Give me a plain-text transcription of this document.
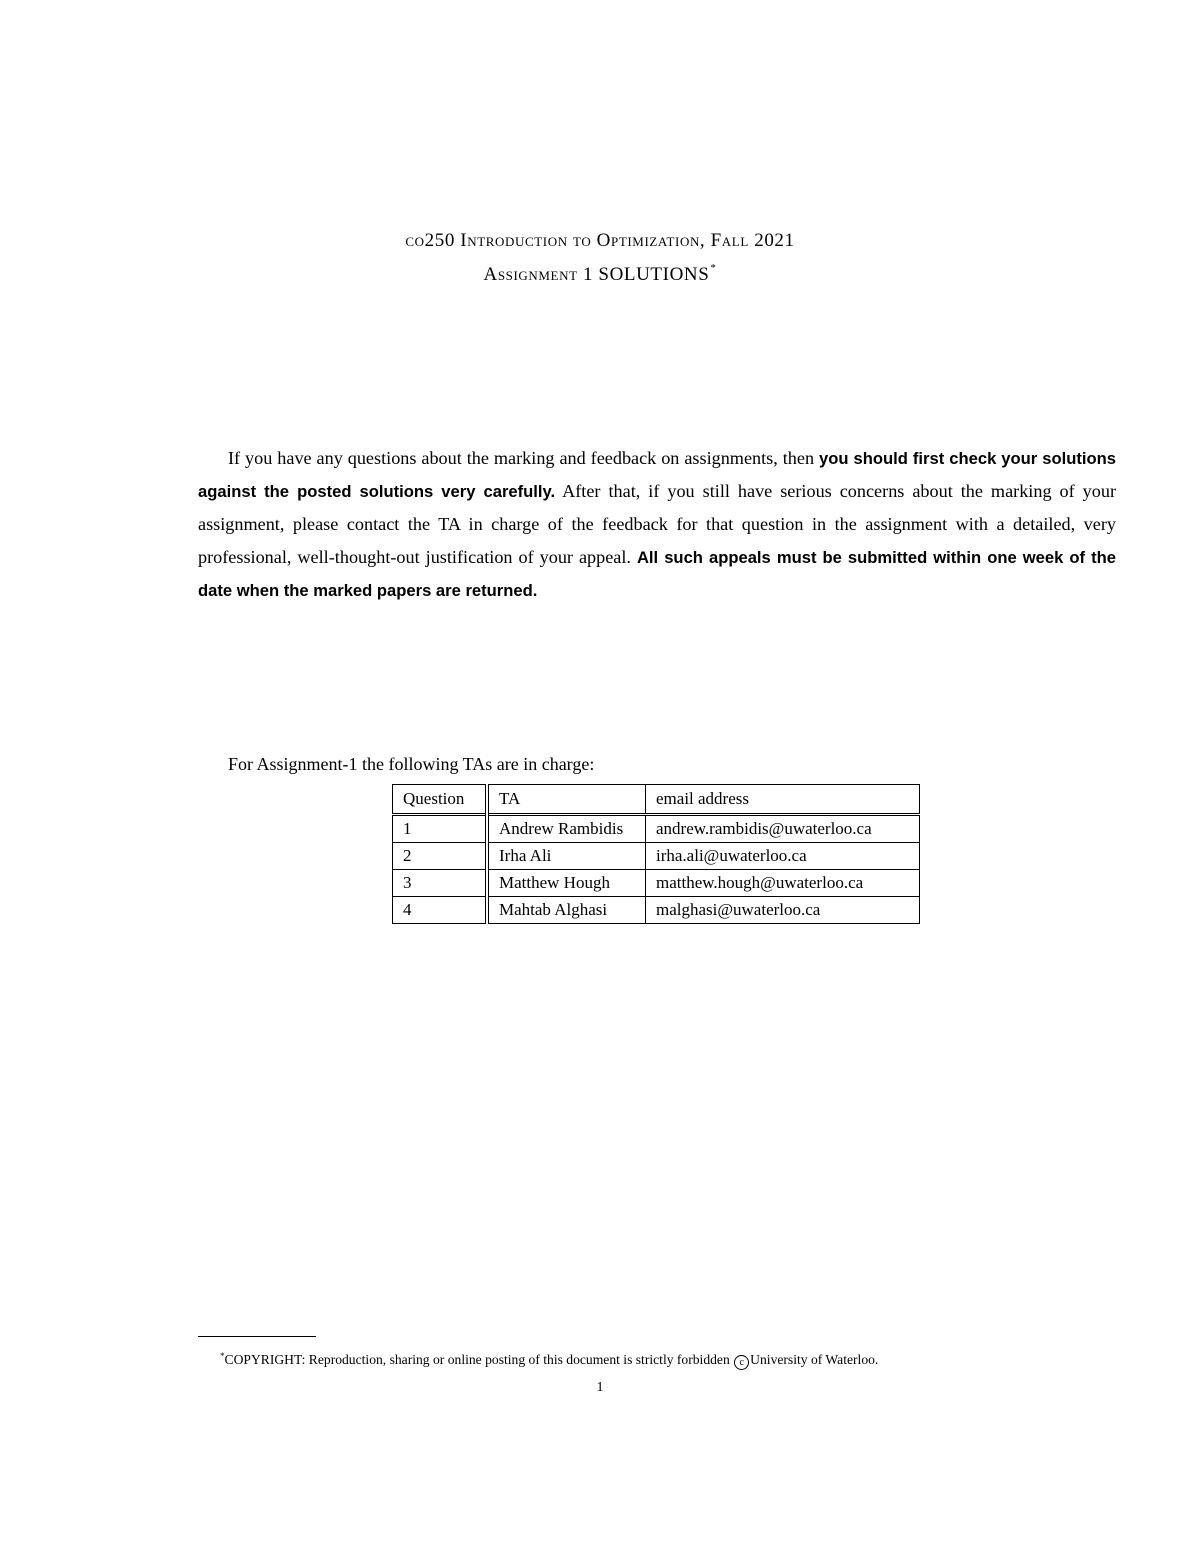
co250 Introduction to Optimization, Fall 2021
Assignment 1 SOLUTIONS*

If you have any questions about the marking and feedback on assignments, then you should first check your solutions against the posted solutions very carefully. After that, if you still have serious concerns about the marking of your assignment, please contact the TA in charge of the feedback for that question in the assignment with a detailed, very professional, well-thought-out justification of your appeal. All such appeals must be submitted within one week of the date when the marked papers are returned.

For Assignment-1 the following TAs are in charge:
Question	TA	email address
1	Andrew Rambidis	andrew.rambidis@uwaterloo.ca
2	Irha Ali	irha.ali@uwaterloo.ca
3	Matthew Hough	matthew.hough@uwaterloo.ca
4	Mahtab Alghasi	malghasi@uwaterloo.ca
*COPYRIGHT: Reproduction, sharing or online posting of this document is strictly forbidden c University of Waterloo.
1
